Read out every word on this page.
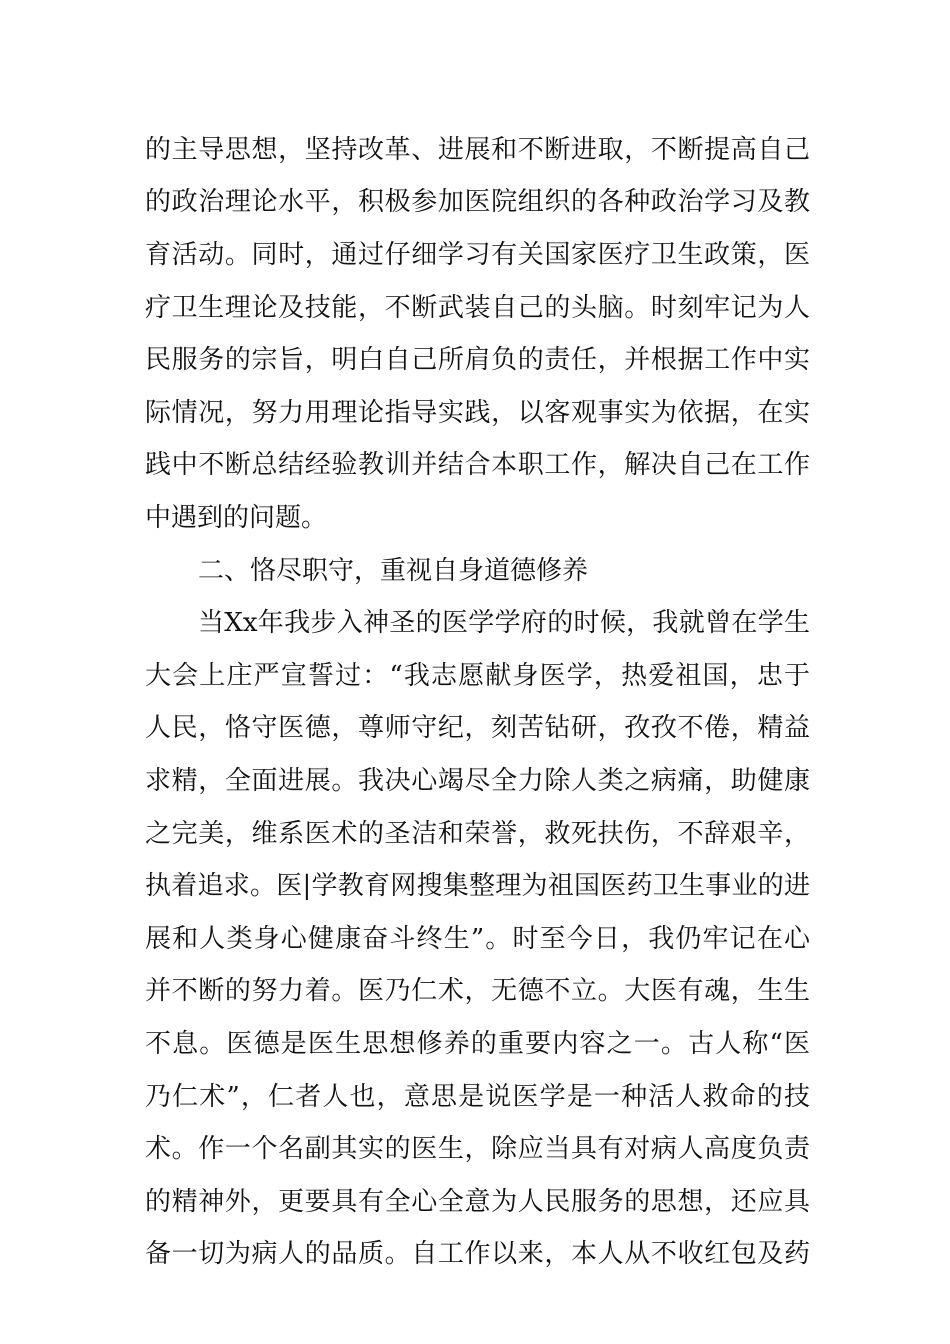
的主导思想，坚持改革、进展和不断进取，不断提高自己
的政治理论水平，积极参加医院组织的各种政治学习及教
育活动。同时，通过仔细学习有关国家医疗卫生政策，医
疗卫生理论及技能，不断武装自己的头脑。时刻牢记为人
民服务的宗旨，明白自己所肩负的责任，并根据工作中实
际情况，努力用理论指导实践，以客观事实为依据，在实
践中不断总结经验教训并结合本职工作，解决自己在工作
中遇到的问题。
二、恪尽职守，重视自身道德修养
当Xx年我步入神圣的医学学府的时候，我就曾在学生
大会上庄严宣誓过：“我志愿献身医学，热爱祖国，忠于
人民，恪守医德，尊师守纪，刻苦钻研，孜孜不倦，精益
求精，全面进展。我决心竭尽全力除人类之病痛，助健康
之完美，维系医术的圣洁和荣誉，救死扶伤，不辞艰辛，
执着追求。医|学教育网搜集整理为祖国医药卫生事业的进
展和人类身心健康奋斗终生”。时至今日，我仍牢记在心
并不断的努力着。医乃仁术，无德不立。大医有魂，生生
不息。医德是医生思想修养的重要内容之一。古人称“医
乃仁术”，仁者人也，意思是说医学是一种活人救命的技
术。作一个名副其实的医生，除应当具有对病人高度负责
的精神外，更要具有全心全意为人民服务的思想，还应具
备一切为病人的品质。自工作以来，本人从不收红包及药
